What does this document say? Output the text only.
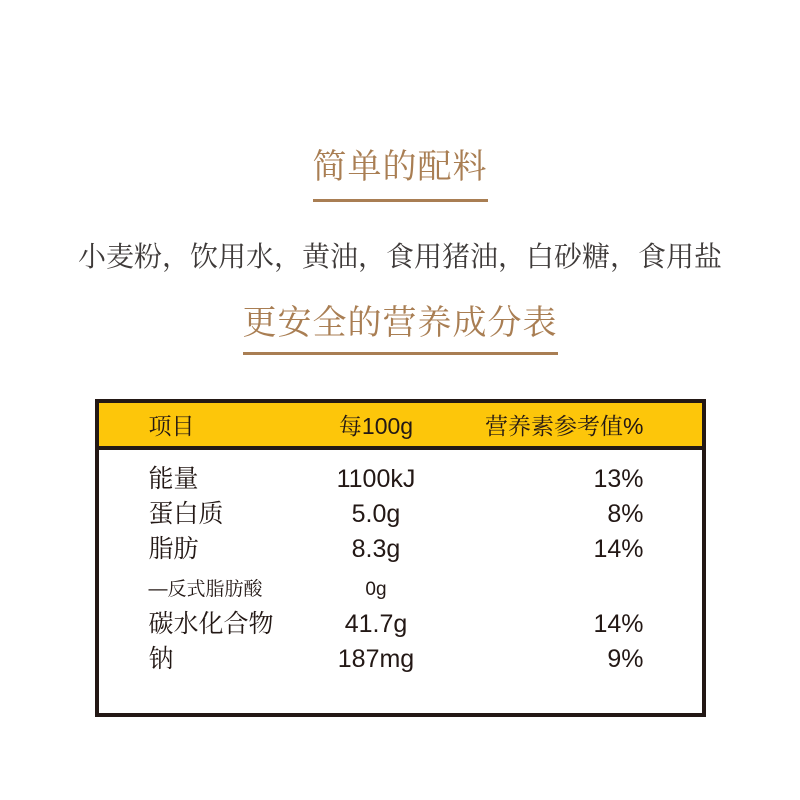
简单的配料

小麦粉，饮用水，黄油，食用猪油，白砂糖，食用盐

更安全的营养成分表
项目	每100g	营养素参考值%
能量	1100kJ	13%
蛋白质	5.0g	8%
脂肪	8.3g	14%
—反式脂肪酸	0g
碳水化合物	41.7g	14%
钠	187mg	9%
